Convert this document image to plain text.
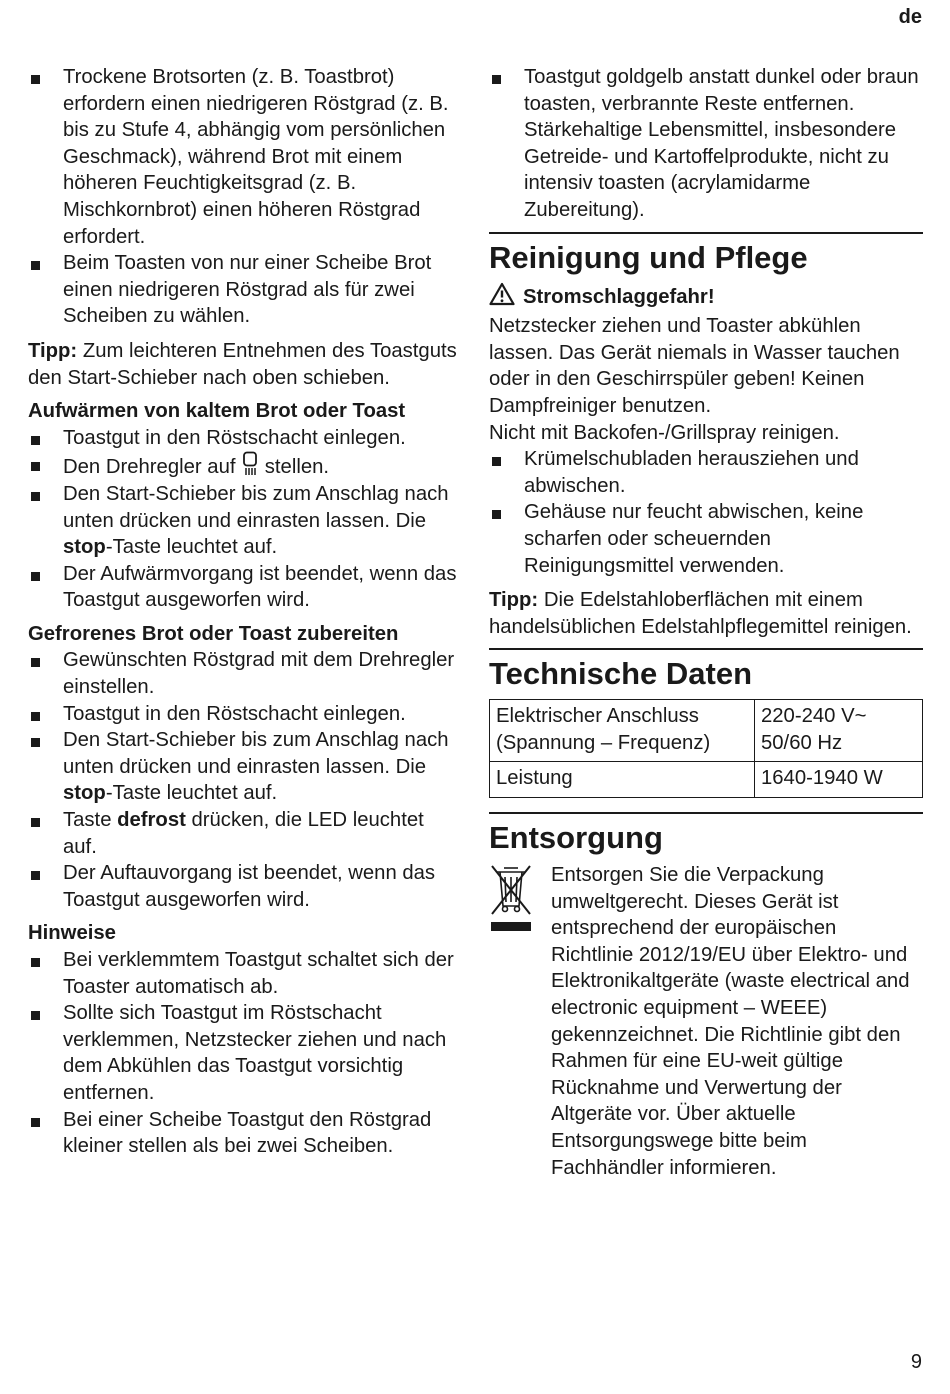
de
Trockene Brotsorten (z. B. Toastbrot) erfordern einen niedrigeren Röstgrad (z. B. bis zu Stufe 4, abhängig vom persönlichen Geschmack), während Brot mit einem höheren Feuchtigkeitsgrad (z. B. Mischkornbrot) einen höheren Röstgrad erfordert.
Beim Toasten von nur einer Scheibe Brot einen niedrigeren Röstgrad als für zwei Scheiben zu wählen.

Tipp: Zum leichteren Entnehmen des Toastguts den Start-Schieber nach oben schieben.

Aufwärmen von kaltem Brot oder Toast
Toastgut in den Röstschacht einlegen.
Den Drehregler auf  stellen.
Den Start-Schieber bis zum Anschlag nach unten drücken und einrasten lassen. Die stop-Taste leuchtet auf.
Der Aufwärmvorgang ist beendet, wenn das Toastgut ausgeworfen wird.
Gefrorenes Brot oder Toast zubereiten
Gewünschten Röstgrad mit dem Drehregler einstellen.
Toastgut in den Röstschacht einlegen.
Den Start-Schieber bis zum Anschlag nach unten drücken und einrasten lassen. Die stop-Taste leuchtet auf.
Taste defrost drücken, die LED leuchtet auf.
Der Auftauvorgang ist beendet, wenn das Toastgut ausgeworfen wird.
Hinweise
Bei verklemmtem Toastgut schaltet sich der Toaster automatisch ab.
Sollte sich Toastgut im Röstschacht verklemmen, Netzstecker ziehen und nach dem Abkühlen das Toastgut vorsichtig entfernen.
Bei einer Scheibe Toastgut den Röstgrad kleiner stellen als bei zwei Scheiben.
Toastgut goldgelb anstatt dunkel oder braun toasten, verbrannte Reste entfernen. Stärkehaltige Lebensmittel, insbesondere Getreide- und Kartoffelprodukte, nicht zu intensiv toasten (acrylamidarme Zubereitung).
Reinigung und Pflege
Stromschlaggefahr!

Netzstecker ziehen und Toaster abkühlen lassen. Das Gerät niemals in Wasser tauchen oder in den Geschirrspüler geben! Keinen Dampfreiniger benutzen.

Nicht mit Backofen-/Grillspray reinigen.

Krümelschubladen herausziehen und abwischen.
Gehäuse nur feucht abwischen, keine scharfen oder scheuernden Reinigungsmittel verwenden.

Tipp: Die Edelstahloberflächen mit einem handelsüblichen Edelstahlpflegemittel reinigen.

Technische Daten
Elektrischer Anschluss (Spannung – Frequenz)	220-240 V~ 50/60 Hz
Leistung	1640-1940 W
Entsorgung

Entsorgen Sie die Verpackung umweltgerecht. Dieses Gerät ist entsprechend der europäischen Richtlinie 2012/19/EU über Elektro- und Elektronikaltgeräte (waste electrical and electronic equipment – WEEE) gekennzeichnet. Die Richtlinie gibt den Rahmen für eine EU-weit gültige Rücknahme und Verwertung der Altgeräte vor. Über aktuelle Entsorgungswege bitte beim Fachhändler informieren.

9
